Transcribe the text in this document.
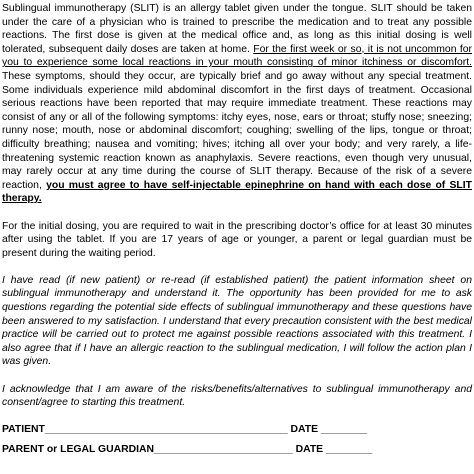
Sublingual immunotherapy (SLIT) is an allergy tablet given under the tongue. SLIT should be taken under the care of a physician who is trained to prescribe the medication and to treat any possible reactions. The first dose is given at the medical office and, as long as this initial dosing is well tolerated, subsequent daily doses are taken at home. For the first week or so, it is not uncommon for you to experience some local reactions in your mouth consisting of minor itchiness or discomfort. These symptoms, should they occur, are typically brief and go away without any special treatment. Some individuals experience mild abdominal discomfort in the first days of treatment. Occasional serious reactions have been reported that may require immediate treatment. These reactions may consist of any or all of the following symptoms: itchy eyes, nose, ears or throat; stuffy nose; sneezing; runny nose; mouth, nose or abdominal discomfort; coughing; swelling of the lips, tongue or throat; difficulty breathing; nausea and vomiting; hives; itching all over your body; and very rarely, a life-threatening systemic reaction known as anaphylaxis. Severe reactions, even though very unusual, may rarely occur at any time during the course of SLIT therapy. Because of the risk of a severe reaction, you must agree to have self-injectable epinephrine on hand with each dose of SLIT therapy.

For the initial dosing, you are required to wait in the prescribing doctor’s office for at least 30 minutes after using the tablet. If you are 17 years of age or younger, a parent or legal guardian must be present during the waiting period.

I have read (if new patient) or re-read (if established patient) the patient information sheet on sublingual immunotherapy and understand it. The opportunity has been provided for me to ask questions regarding the potential side effects of sublingual immunotherapy and these questions have been answered to my satisfaction. I understand that every precaution consistent with the best medical practice will be carried out to protect me against possible reactions associated with this treatment. I also agree that if I have an allergic reaction to the sublingual medication, I will follow the action plan I was given.

I acknowledge that I am aware of the risks/benefits/alternatives to sublingual immunotherapy and consent/agree to starting this treatment.

PATIENT__________________________________________ DATE ________

PARENT or LEGAL GUARDIAN________________________ DATE ________
